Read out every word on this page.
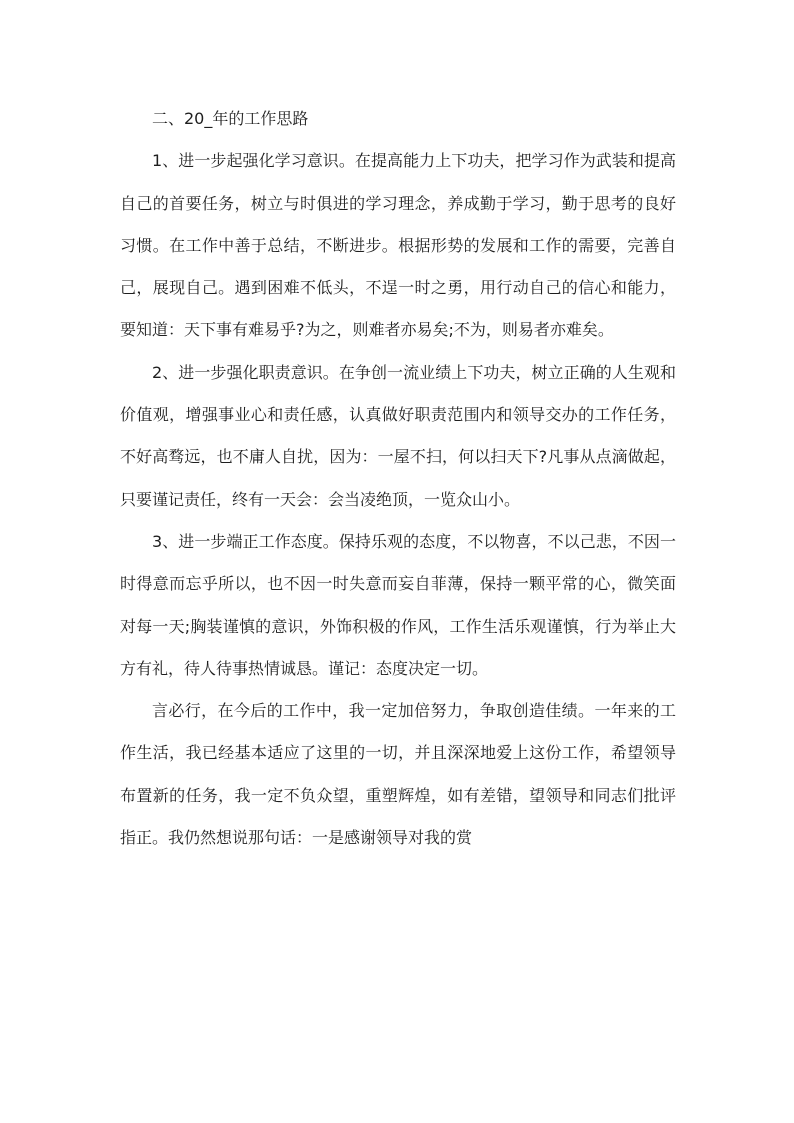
二、20_年的工作思路

1、进一步起强化学习意识。在提高能力上下功夫，把学习作为武装和提高自己的首要任务，树立与时俱进的学习理念，养成勤于学习，勤于思考的良好习惯。在工作中善于总结，不断进步。根据形势的发展和工作的需要，完善自己，展现自己。遇到困难不低头，不逞一时之勇，用行动自己的信心和能力，要知道：天下事有难易乎?为之，则难者亦易矣;不为，则易者亦难矣。

2、进一步强化职责意识。在争创一流业绩上下功夫，树立正确的人生观和价值观，增强事业心和责任感，认真做好职责范围内和领导交办的工作任务，不好高骛远，也不庸人自扰，因为：一屋不扫，何以扫天下?凡事从点滴做起，只要谨记责任，终有一天会：会当凌绝顶，一览众山小。

3、进一步端正工作态度。保持乐观的态度，不以物喜，不以己悲，不因一时得意而忘乎所以，也不因一时失意而妄自菲薄，保持一颗平常的心，微笑面对每一天;胸装谨慎的意识，外饰积极的作风，工作生活乐观谨慎，行为举止大方有礼，待人待事热情诚恳。谨记：态度决定一切。

言必行，在今后的工作中，我一定加倍努力，争取创造佳绩。一年来的工作生活，我已经基本适应了这里的一切，并且深深地爱上这份工作，希望领导布置新的任务，我一定不负众望，重塑辉煌，如有差错，望领导和同志们批评指正。我仍然想说那句话：一是感谢领导对我的赏
